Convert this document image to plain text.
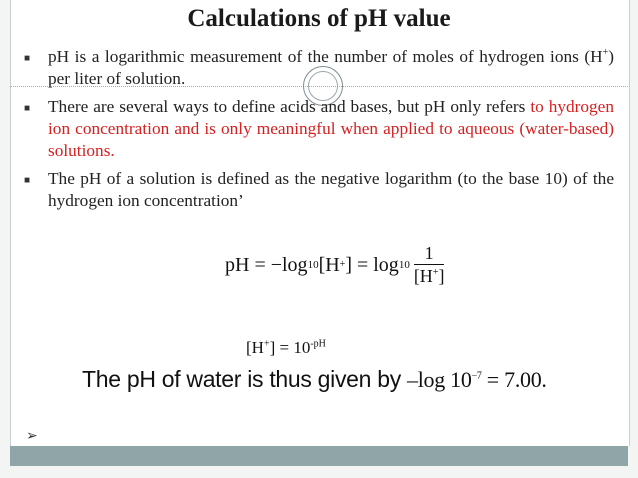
Calculations of pH value
■	pH is a logarithmic measurement of the number of moles of hydrogen ions (H+) per liter of solution.
■	There are several ways to define acids and bases, but pH only refers to hydrogen ion concentration and is only meaningful when applied to aqueous (water-based) solutions.
■	The pH of a solution is defined as the negative logarithm (to the base 10) of the hydrogen ion concentration’
pH = −log 10 [H + ] = $\log 10 \frac{1}{[H^+]}$
$[H^+] = 10^{-pH}$
The pH of water is thus given by –log $10^{-7} = 7.00$.
➢
